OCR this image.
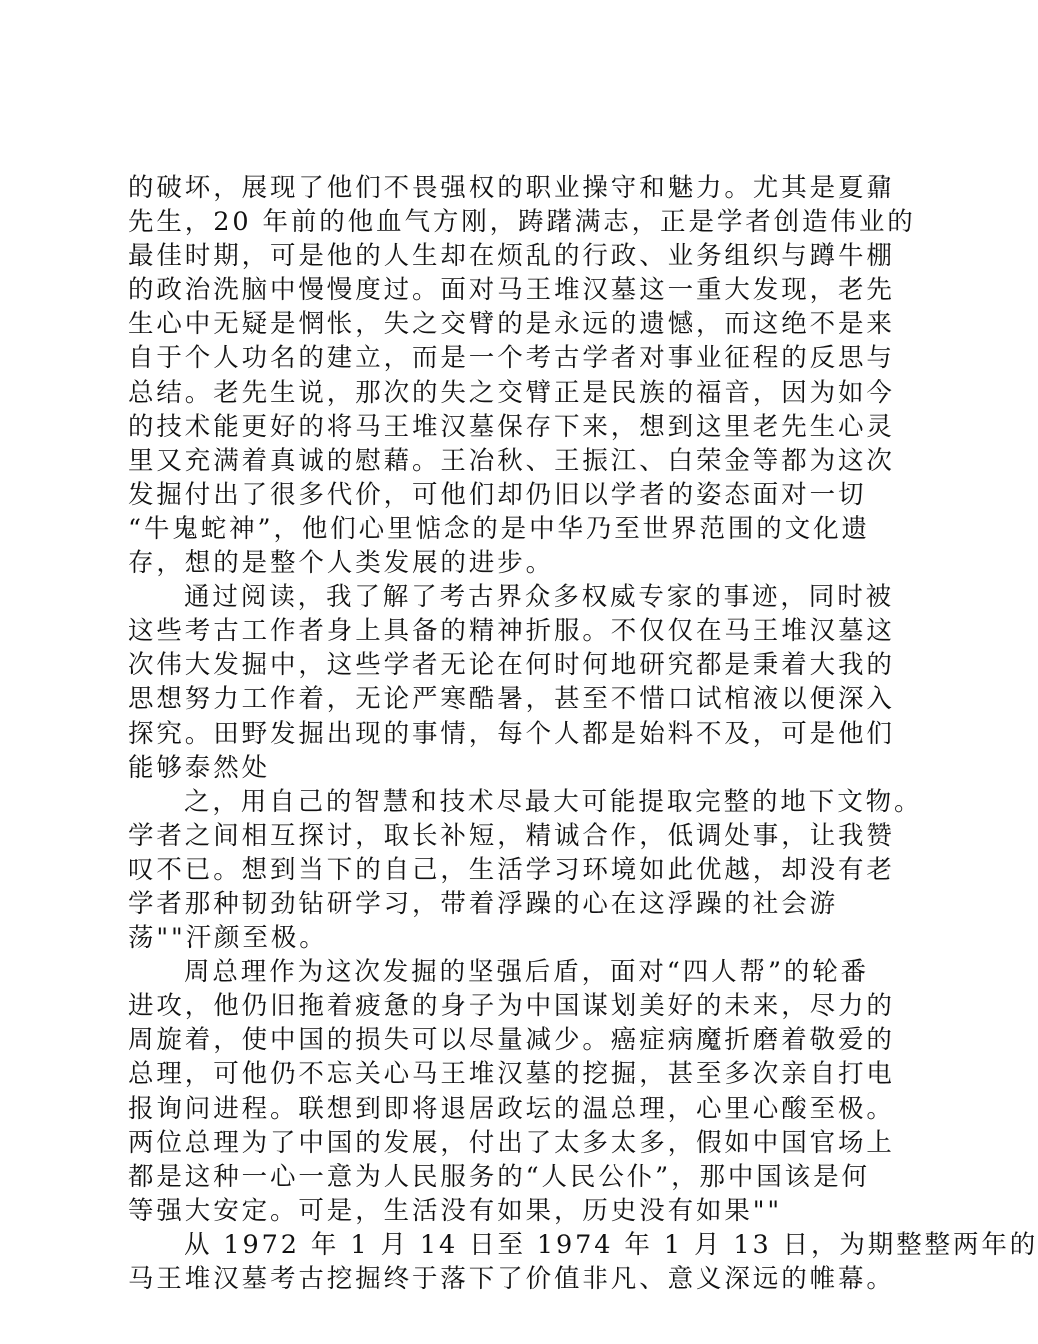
的破坏，展现了他们不畏强权的职业操守和魅力。尤其是夏鼐
先生，20 年前的他血气方刚，踌躇满志，正是学者创造伟业的
最佳时期，可是他的人生却在烦乱的行政、业务组织与蹲牛棚
的政治洗脑中慢慢度过。面对马王堆汉墓这一重大发现，老先
生心中无疑是惘怅，失之交臂的是永远的遗憾，而这绝不是来
自于个人功名的建立，而是一个考古学者对事业征程的反思与
总结。老先生说，那次的失之交臂正是民族的福音，因为如今
的技术能更好的将马王堆汉墓保存下来，想到这里老先生心灵
里又充满着真诚的慰藉。王冶秋、王振江、白荣金等都为这次
发掘付出了很多代价，可他们却仍旧以学者的姿态面对一切
“牛鬼蛇神”，他们心里惦念的是中华乃至世界范围的文化遗
存，想的是整个人类发展的进步。
通过阅读，我了解了考古界众多权威专家的事迹，同时被
这些考古工作者身上具备的精神折服。不仅仅在马王堆汉墓这
次伟大发掘中，这些学者无论在何时何地研究都是秉着大我的
思想努力工作着，无论严寒酷暑，甚至不惜口试棺液以便深入
探究。田野发掘出现的事情，每个人都是始料不及，可是他们
能够泰然处
之，用自己的智慧和技术尽最大可能提取完整的地下文物。
学者之间相互探讨，取长补短，精诚合作，低调处事，让我赞
叹不已。想到当下的自己，生活学习环境如此优越，却没有老
学者那种韧劲钻研学习，带着浮躁的心在这浮躁的社会游
荡""汗颜至极。
周总理作为这次发掘的坚强后盾，面对“四人帮”的轮番
进攻，他仍旧拖着疲惫的身子为中国谋划美好的未来，尽力的
周旋着，使中国的损失可以尽量减少。癌症病魔折磨着敬爱的
总理，可他仍不忘关心马王堆汉墓的挖掘，甚至多次亲自打电
报询问进程。联想到即将退居政坛的温总理，心里心酸至极。
两位总理为了中国的发展，付出了太多太多，假如中国官场上
都是这种一心一意为人民服务的“人民公仆”，那中国该是何
等强大安定。可是，生活没有如果，历史没有如果""
从 1972 年 1 月 14 日至 1974 年 1 月 13 日，为期整整两年的
马王堆汉墓考古挖掘终于落下了价值非凡、意义深远的帷幕。
